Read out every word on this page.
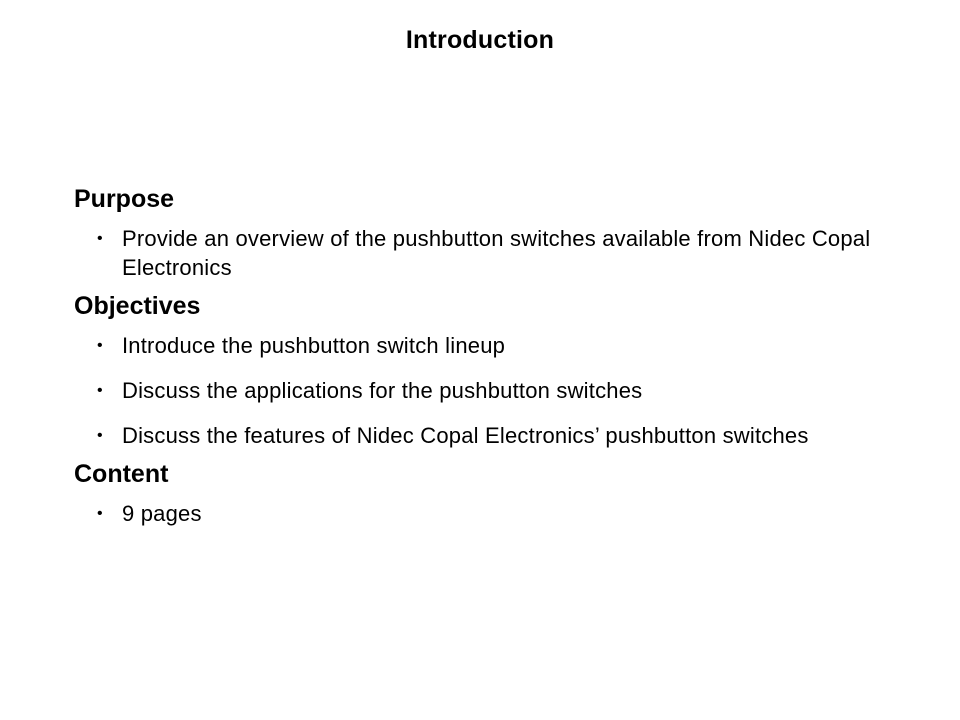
Introduction
Purpose
• Provide an overview of the pushbutton switches available from Nidec Copal Electronics
Objectives
• Introduce the pushbutton switch lineup
• Discuss the applications for the pushbutton switches
• Discuss the features of Nidec Copal Electronics’ pushbutton switches
Content
• 9 pages
